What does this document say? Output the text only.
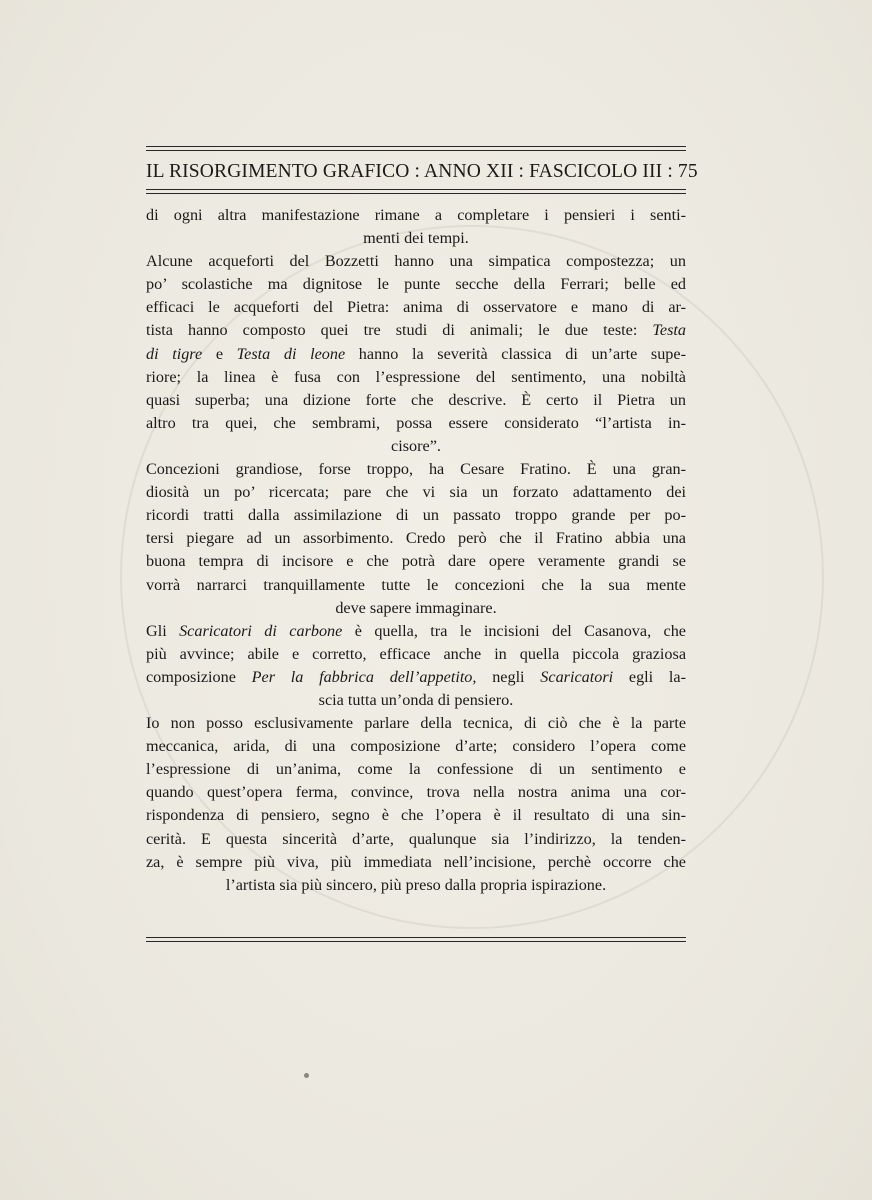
IL RISORGIMENTO GRAFICO : ANNO XII : FASCICOLO III : 75
di ogni altra manifestazione rimane a completare i pensieri i senti-
menti dei tempi.
Alcune acqueforti del Bozzetti hanno una simpatica compostezza; un
po’ scolastiche ma dignitose le punte secche della Ferrari; belle ed
efficaci le acqueforti del Pietra: anima di osservatore e mano di ar-
tista hanno composto quei tre studi di animali; le due teste: Testa
di tigre e Testa di leone hanno la severità classica di un’arte supe-
riore; la linea è fusa con l’espressione del sentimento, una nobiltà
quasi superba; una dizione forte che descrive. È certo il Pietra un
altro tra quei, che sembrami, possa essere considerato “l’artista in-
cisore”.
Concezioni grandiose, forse troppo, ha Cesare Fratino. È una gran-
diosità un po’ ricercata; pare che vi sia un forzato adattamento dei
ricordi tratti dalla assimilazione di un passato troppo grande per po-
tersi piegare ad un assorbimento. Credo però che il Fratino abbia una
buona tempra di incisore e che potrà dare opere veramente grandi se
vorrà narrarci tranquillamente tutte le concezioni che la sua mente
deve sapere immaginare.
Gli Scaricatori di carbone è quella, tra le incisioni del Casanova, che
più avvince; abile e corretto, efficace anche in quella piccola graziosa
composizione Per la fabbrica dell’appetito, negli Scaricatori egli la-
scia tutta un’onda di pensiero.
Io non posso esclusivamente parlare della tecnica, di ciò che è la parte
meccanica, arida, di una composizione d’arte; considero l’opera come
l’espressione di un’anima, come la confessione di un sentimento e
quando quest’opera ferma, convince, trova nella nostra anima una cor-
rispondenza di pensiero, segno è che l’opera è il resultato di una sin-
cerità. E questa sincerità d’arte, qualunque sia l’indirizzo, la tenden-
za, è sempre più viva, più immediata nell’incisione, perchè occorre che
l’artista sia più sincero, più preso dalla propria ispirazione.
